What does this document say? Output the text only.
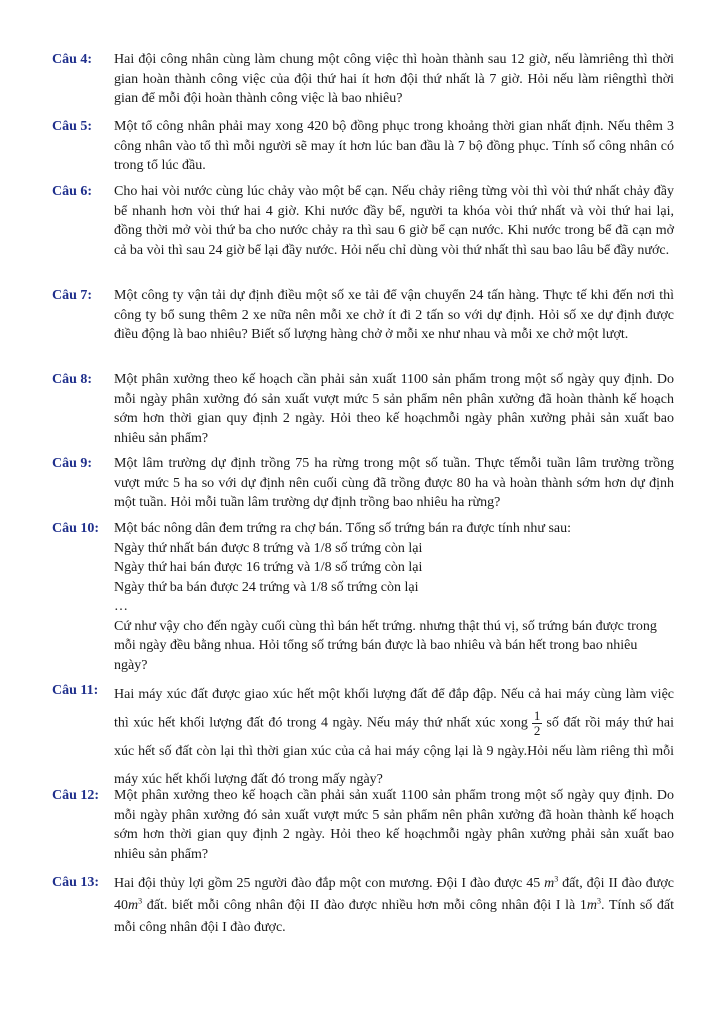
Câu 4: Hai đội công nhân cùng làm chung một công việc thì hoàn thành sau 12 giờ, nếu làmriêng thì thời gian hoàn thành công việc của đội thứ hai ít hơn đội thứ nhất là 7 giờ. Hỏi nếu làm riêngthì thời gian để mỗi đội hoàn thành công việc là bao nhiêu?
Câu 5: Một tổ công nhân phải may xong 420 bộ đồng phục trong khoảng thời gian nhất định. Nếu thêm 3 công nhân vào tổ thì mỗi người sẽ may ít hơn lúc ban đầu là 7 bộ đồng phục. Tính số công nhân có trong tổ lúc đầu.
Câu 6: Cho hai vòi nước cùng lúc chảy vào một bể cạn. Nếu chảy riêng từng vòi thì vòi thứ nhất chảy đầy bể nhanh hơn vòi thứ hai 4 giờ. Khi nước đầy bể, người ta khóa vòi thứ nhất và vòi thứ hai lại, đồng thời mở vòi thứ ba cho nước chảy ra thì sau 6 giờ bể cạn nước. Khi nước trong bể đã cạn mở cả ba vòi thì sau 24 giờ bể lại đầy nước. Hỏi nếu chỉ dùng vòi thứ nhất thì sau bao lâu bể đầy nước.
Câu 7: Một công ty vận tải dự định điều một số xe tải để vận chuyển 24 tấn hàng. Thực tế khi đến nơi thì công ty bổ sung thêm 2 xe nữa nên mỗi xe chở ít đi 2 tấn so với dự định. Hỏi số xe dự định được điều động là bao nhiêu? Biết số lượng hàng chở ở mỗi xe như nhau và mỗi xe chở một lượt.
Câu 8: Một phân xưởng theo kế hoạch cần phải sản xuất 1100 sản phẩm trong một số ngày quy định. Do mỗi ngày phân xưởng đó sản xuất vượt mức 5 sản phẩm nên phân xưởng đã hoàn thành kế hoạch sớm hơn thời gian quy định 2 ngày. Hỏi theo kế hoạchmỗi ngày phân xưởng phải sản xuất bao nhiêu sản phẩm?
Câu 9: Một lâm trường dự định trồng 75 ha rừng trong một số tuần. Thực tếmỗi tuần lâm trường trồng vượt mức 5 ha so với dự định nên cuối cùng đã trồng được 80 ha và hoàn thành sớm hơn dự định một tuần. Hỏi mỗi tuần lâm trường dự định trồng bao nhiêu ha rừng?
Câu 10: Một bác nông dân đem trứng ra chợ bán. Tổng số trứng bán ra được tính như sau:
Ngày thứ nhất bán được 8 trứng và 1/8 số trứng còn lại
Ngày thứ hai bán được 16 trứng và 1/8 số trứng còn lại
Ngày thứ ba bán được 24 trứng và 1/8 số trứng còn lại
…
Cứ như vậy cho đến ngày cuối cùng thì bán hết trứng. nhưng thật thú vị, số trứng bán được trong mỗi ngày đều bằng nhua. Hỏi tổng số trứng bán được là bao nhiêu và bán hết trong bao nhiêu ngày?
Câu 11: Hai máy xúc đất được giao xúc hết một khối lượng đất để đắp đập. Nếu cả hai máy cùng làm việc thì xúc hết khối lượng đất đó trong 4 ngày. Nếu máy thứ nhất xúc xong $\frac{1}{2}$ số đất rồi máy thứ hai xúc hết số đất còn lại thì thời gian xúc của cả hai máy cộng lại là 9 ngày.Hỏi nếu làm riêng thì mỗi máy xúc hết khối lượng đất đó trong mấy ngày?
Câu 12: Một phân xưởng theo kế hoạch cần phải sản xuất 1100 sản phẩm trong một số ngày quy định. Do mỗi ngày phân xưởng đó sản xuất vượt mức 5 sản phẩm nên phân xưởng đã hoàn thành kế hoạch sớm hơn thời gian quy định 2 ngày. Hỏi theo kế hoạchmỗi ngày phân xưởng phải sản xuất bao nhiêu sản phẩm?
Câu 13: Hai đội thủy lợi gồm 25 người đào đắp một con mương. Đội I đào được 45 $m^3$ đất, đội II đào được $40m^3$ đất. biết mỗi công nhân đội II đào được nhiều hơn mỗi công nhân đội I là $1m^3$. Tính số đất mỗi công nhân đội I đào được.
